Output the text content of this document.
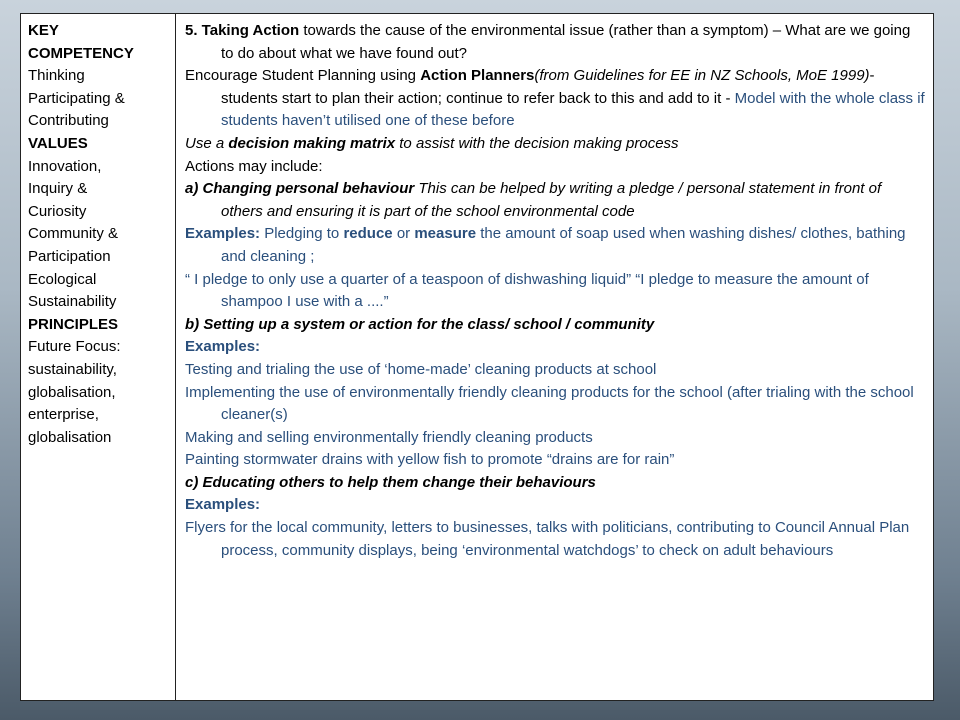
KEY COMPETENCY
Thinking
Participating &
Contributing
VALUES
Innovation,
Inquiry &
Curiosity
Community &
Participation
Ecological
Sustainability
PRINCIPLES
Future Focus:
sustainability,
globalisation,
enterprise,
globalisation
5. Taking Action towards the cause of the environmental issue (rather than a symptom) – What are we going to do about what we have found out?
Encourage Student Planning using Action Planners(from Guidelines for EE in NZ Schools, MoE 1999)- students start to plan their action; continue to refer back to this and add to it - Model with the whole class if students haven’t utilised one of these before
Use a decision making matrix to assist with the decision making process
Actions may include:
a) Changing personal behaviour This can be helped by writing a pledge / personal statement in front of others and ensuring it is part of the school environmental code
Examples: Pledging to reduce or measure the amount of soap used when washing dishes/ clothes, bathing and cleaning ;
“ I pledge to only use a quarter of a teaspoon of dishwashing liquid” “I pledge to measure the amount of shampoo I use with a ....”
b) Setting up a system or action for the class/ school / community
Examples:
Testing and trialing the use of ‘home-made’ cleaning products at school
Implementing the use of environmentally friendly cleaning products for the school (after trialing with the school cleaner(s)
Making and selling environmentally friendly cleaning products
Painting stormwater drains with yellow fish to promote “drains are for rain”
c) Educating others to help them change their behaviours
Examples:
Flyers for the local community, letters to businesses, talks with politicians, contributing to Council Annual Plan process, community displays, being ‘environmental watchdogs’ to check on adult behaviours
